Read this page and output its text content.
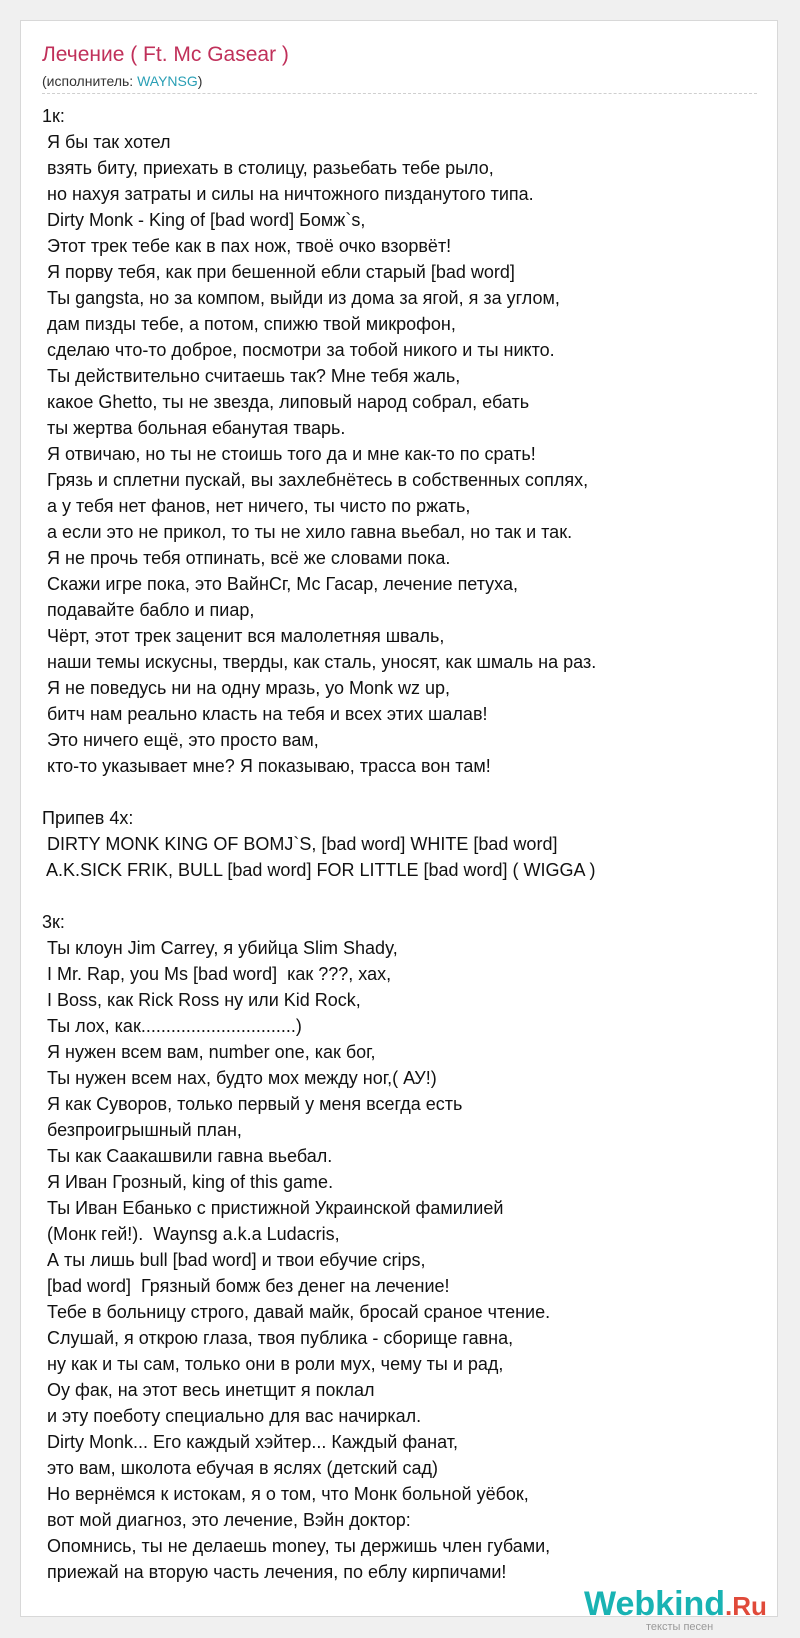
Лечение ( Ft. Mc Gasear )
(исполнитель: WAYNSG)
1к:
Я бы так хотел
взять биту, приехать в столицу, разьебать тебе рыло,
но нахуя затраты и силы на ничтожного пизданутого типа.
Dirty Monk - King of [bad word] Бомж`s,
Этот трек тебе как в пах нож, твоё очко взорвёт!
Я порву тебя, как при бешенной ебли старый [bad word]
Ты gangsta, но за компом, выйди из дома за ягой, я за углом,
дам пизды тебе, а потом, спижю твой микрофон,
сделаю что-то доброе, посмотри за тобой никого и ты никто.
Ты действительно считаешь так? Мне тебя жаль,
какое Ghetto, ты не звезда, липовый народ собрал, ебать
ты жертва больная ебанутая тварь.
Я отвичаю, но ты не стоишь того да и мне как-то по срать!
Грязь и сплетни пускай, вы захлебнётесь в собственных соплях,
а у тебя нет фанов, нет ничего, ты чисто по ржать,
а если это не прикол, то ты не хило гавна вьебал, но так и так.
Я не прочь тебя отпинать, всё же словами пока.
Скажи игре пока, это ВайнСг, Мс Гасар, лечение петуха,
подавайте бабло и пиар,
Чёрт, этот трек заценит вся малолетняя шваль,
наши темы искусны, тверды, как сталь, уносят, как шмаль на раз.
Я не поведусь ни на одну мразь, уо Monk wz up,
битч нам реально класть на тебя и всех этих шалав!
Это ничего ещё, это просто вам,
кто-то указывает мне? Я показываю, трасса вон там!
Припев 4х:
DIRTY MONK KING OF BOMJ`S, [bad word] WHITE [bad word]
A.K.SICK FRIK, BULL [bad word] FOR LITTLE [bad word] ( WIGGA )
3к:
Ты клоун Jim Carrey, я убийца Slim Shady,
I Mr. Rap, you Ms [bad word]  как ???, хах,
I Boss, как Rick Ross ну или Kid Rock,
Ты лох, как...............................)
Я нужен всем вам, number one, как бог,
Ты нужен всем нах, будто мох между ног,( АУ!)
Я как Суворов, только первый у меня всегда есть
безпроигрышный план,
Ты как Саакашвили гавна вьебал.
Я Иван Грозный, king of this game.
Ты Иван Ебанько с пристижной Украинской фамилией
(Монк гей!).  Waynsg a.k.a Ludacris,
А ты лишь bull [bad word] и твои ебучие crips,
[bad word]  Грязный бомж без денег на лечение!
Тебе в больницу строго, давай майк, бросай сраное чтение.
Слушай, я открою глаза, твоя публика - сборище гавна,
ну как и ты сам, только они в роли мух, чему ты и рад,
Оу фак, на этот весь инетщит я поклал
и эту поеботу специально для вас начиркал.
Dirty Monk... Его каждый хэйтер... Каждый фанат,
это вам, школота ебучая в яслях (детский сад)
Но вернёмся к истокам, я о том, что Монк больной уёбок,
вот мой диагноз, это лечение, Вэйн доктор:
Опомнись, ты не делаешь money, ты держишь член губами,
приежай на вторую часть лечения, по еблу кирпичами!
Webkind.Ru
тексты песен
